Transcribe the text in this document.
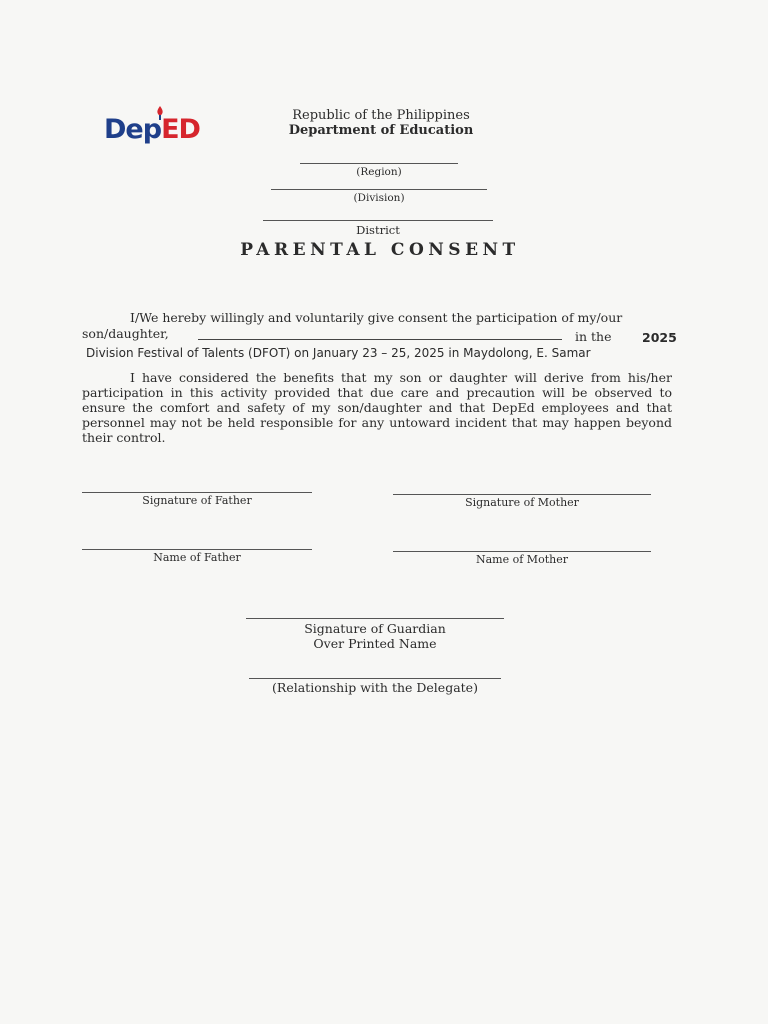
DepED	Republic of the Philippines
Department of Education
(Region)
(Division)
District
PARENTAL CONSENT
I/We hereby willingly and voluntarily give consent the participation of my/our
son/daughter,	in the 2025
Division Festival of Talents (DFOT) on January 23 – 25, 2025 in Maydolong, E. Samar
I have considered the benefits that my son or daughter will derive from his/her participation in this activity provided that due care and precaution will be observed to ensure the comfort and safety of my son/daughter and that DepEd employees and that personnel may not be held responsible for any untoward incident that may happen beyond their control.
Signature of Father	Signature of Mother
Name of Father	Name of Mother
Signature of Guardian
Over Printed Name
(Relationship with the Delegate)
